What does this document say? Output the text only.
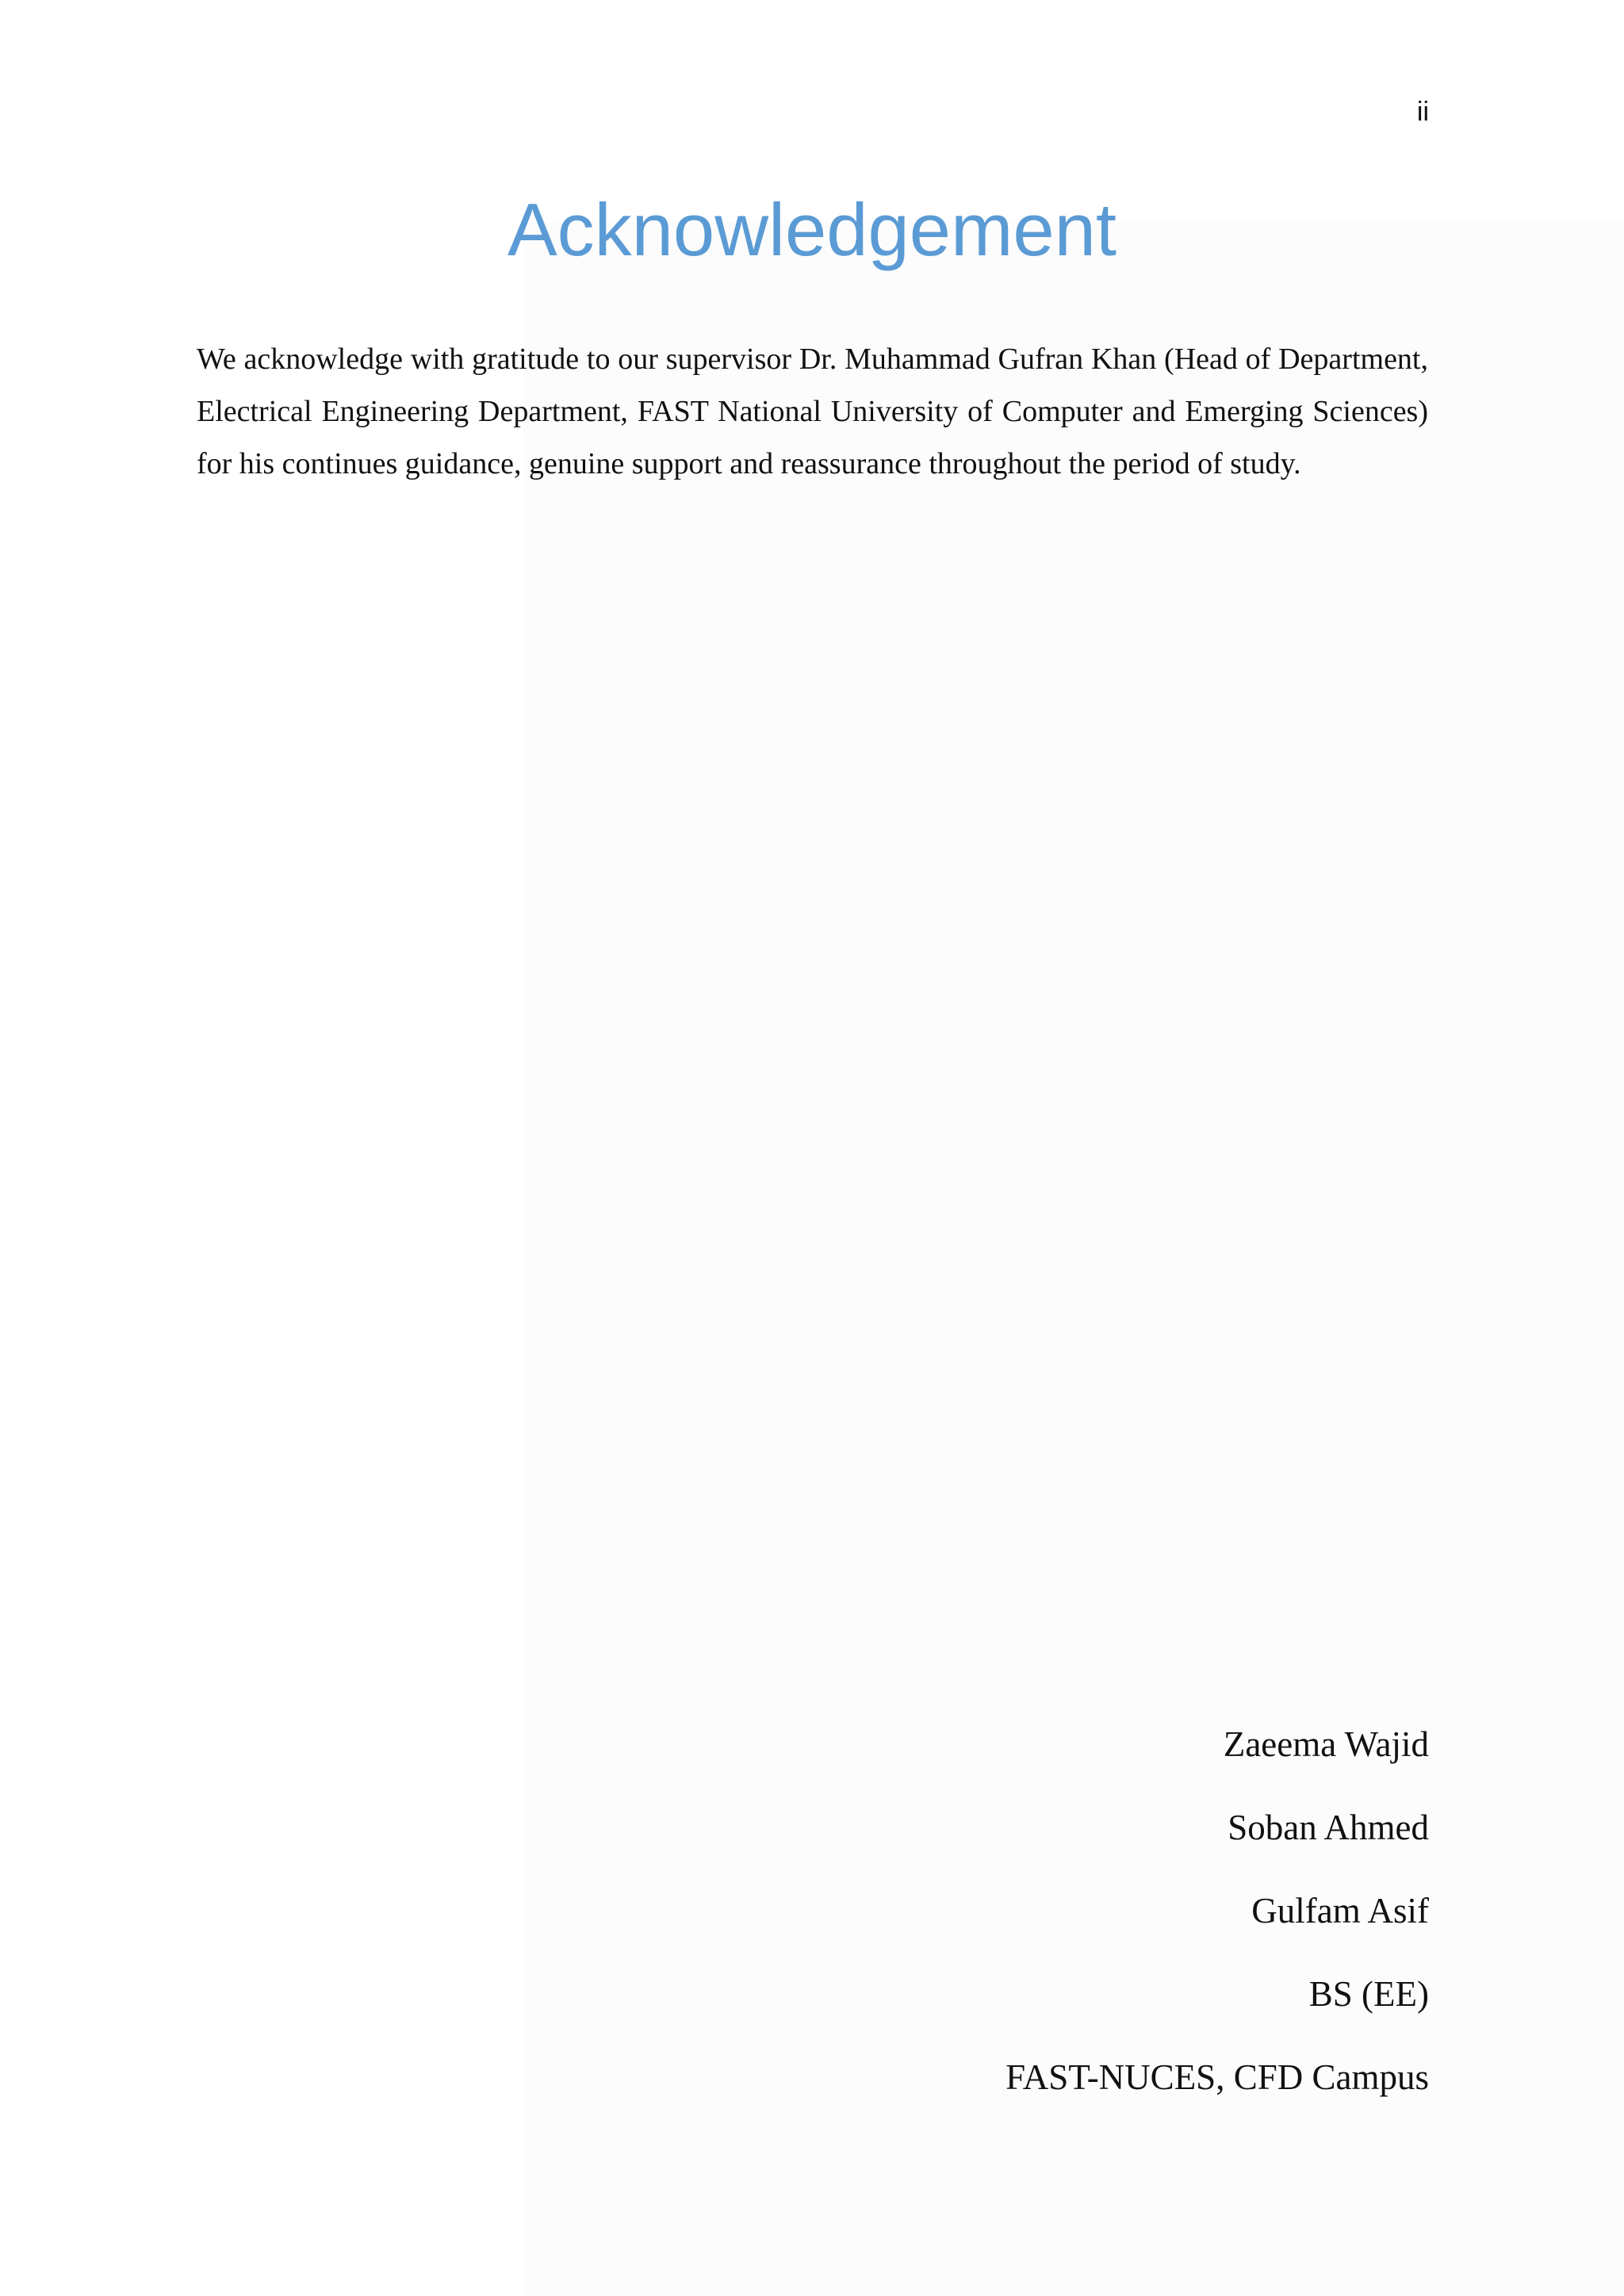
ii
Acknowledgement

We acknowledge with gratitude to our supervisor Dr. Muhammad Gufran Khan (Head of Department, Electrical Engineering Department, FAST National University of Computer and Emerging Sciences) for his continues guidance, genuine support and reassurance throughout the period of study.

Zaeema Wajid
Soban Ahmed
Gulfam Asif
BS (EE)
FAST-NUCES, CFD Campus
